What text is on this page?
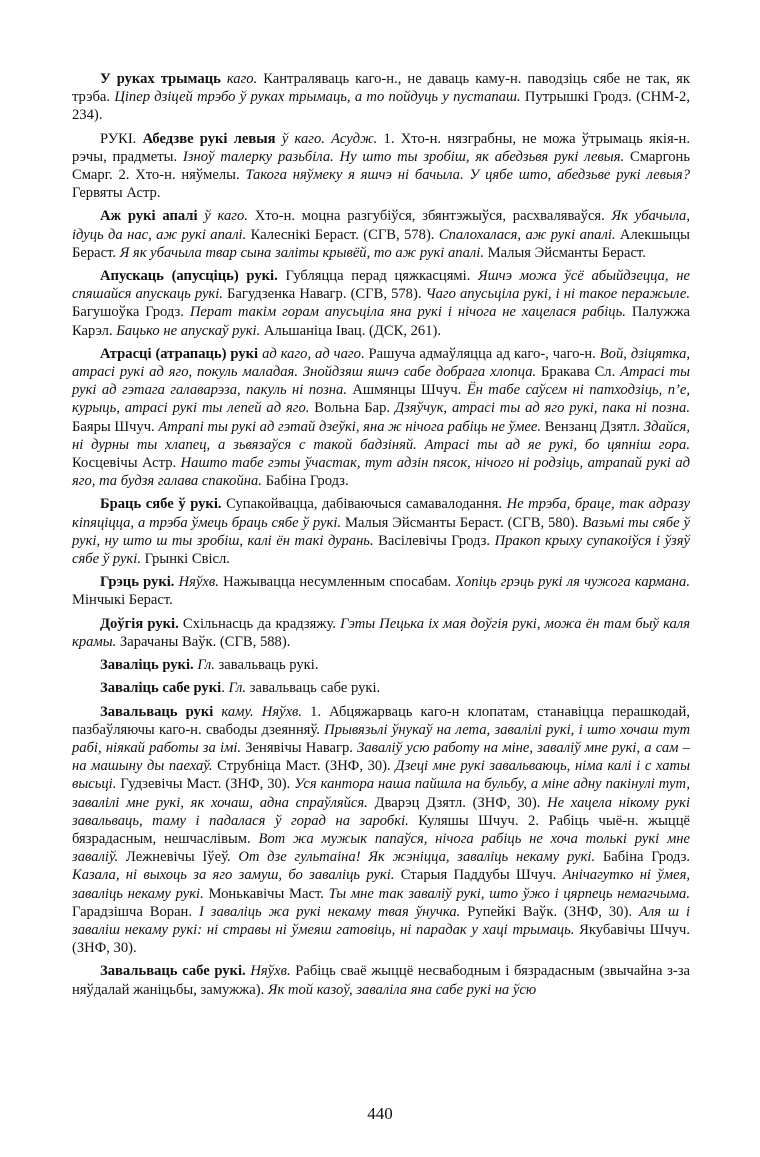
У руках трымаць каго. Кантраляваць каго-н., не даваць каму-н. паводзіць сябе не так, як трэба. Ціпер дзіцей трэбо ў руках трымаць, а то пойдуць у пустапаш. Путрышкі Гродз. (СНМ-2, 234).

РУКІ. Абедзве рукі левыя ў каго. Асудж. 1. Хто-н. нязграбны, не можа ўтрымаць якія-н. рэчы, прадметы. Ізноў талерку разьбіла. Ну што ты зробіш, як абедзьвя рукі левыя. Смаргонь Смарг. 2. Хто-н. няўмелы. Такога няўмеку я яшчэ ні бачыла. У цябе што, абедзьве рукі левыя? Гервяты Астр.

Аж рукі апалі ў каго. Хто-н. моцна разгубіўся, збянтэжыўся, расхваляваўся. Як убачыла, ідуць да нас, аж рукі апалі. Калеснікі Бераст. (СГВ, 578). Спалохалася, аж рукі апалі. Алекшыцы Бераст. Я як убачыла твар сына заліты крывёй, то аж рукі апалі. Малыя Эйсманты Бераст.

Апускаць (апусціць) рукі. Губляцца перад цяжкасцямі. Яшчэ можа ўсё абыйдзецца, не спяшайся апускаць рукі. Багудзенка Навагр. (СГВ, 578). Чаго апусьціла рукі, і ні такое перажыле. Багушоўка Гродз. Перат такім горам апусьціла яна рукі і нічога не хацелася рабіць. Палужжа Карэл. Бацько не апускаў рукі. Альшаніца Івац. (ДСК, 261).

Атрасці (атрапаць) рукі ад каго, ад чаго. Рашуча адмаўляцца ад каго-, чаго-н. Вой, дзіцятка, атрасі рукі ад яго, покуль маладая. Знойдзяш яшчэ сабе добрага хлопца. Бракава Сл. Атрасі ты рукі ад гэтага галаварэза, пакуль ні позна. Ашмянцы Шчуч. Ён табе саўсем ні патходзіць, п’е, курыць, атрасі рукі ты лепей ад яго. Вольна Бар. Дзяўчук, атрасі ты ад яго рукі, пака ні позна. Баяры Шчуч. Атрапі ты рукі ад гэтай дзеўкі, яна ж нічога рабіць не ўмее. Вензанц Дзятл. Здайся, ні дурны ты хлапец, а зьвязаўся с такой бадзіняй. Атрасі ты ад яе рукі, бо цяпніш гора. Косцевічы Астр. Нашто табе гэты ўчастак, тут адзін пясок, нічого ні родзіць, атрапай рукі ад яго, та будзя галава спакойна. Бабіна Гродз.

Браць сябе ў рукі. Супакойвацца, дабіваючыся самавалодання. Не трэба, браце, так адразу кіпяціцца, а трэба ўмець браць сябе ў рукі. Малыя Эйсманты Бераст. (СГВ, 580). Вазьмі ты сябе ў рукі, ну што ш ты зробіш, калі ён такі дурань. Васілевічы Гродз. Пракоп крыху супакоіўся і ўзяў сябе ў рукі. Грынкі Свісл.

Грэць рукі. Няўхв. Нажывацца несумленным спосабам. Хопіць грэць рукі ля чужога кармана. Мінчыкі Бераст.

Доўгія рукі. Схільнасць да крадзяжу. Гэты Пецька іх мая доўгія рукі, можа ён там быў каля крамы. Зарачаны Ваўк. (СГВ, 588).

Заваліць рукі. Гл. завальваць рукі.

Заваліць сабе рукі. Гл. завальваць сабе рукі.

Завальваць рукі каму. Няўхв. 1. Абцяжарваць каго-н клопатам, станавіцца перашкодай, пазбаўляючы каго-н. свабоды дзеянняў. Прывязьлі ўнукаў на лета, завалілі рукі, і што хочаш тут рабі, ніякай работы за імі. Зенявічы Навагр. Заваліў усю работу на міне, заваліў мне рукі, а сам – на машыну ды паехаў. Струбніца Маст. (ЗНФ, 30). Дзеці мне рукі завальваюць, німа калі і с хаты высьці. Гудзевічы Маст. (ЗНФ, 30). Уся кантора наша пайшла на бульбу, а міне адну пакінулі тут, завалілі мне рукі, як хочаш, адна спраўляйся. Дварэц Дзятл. (ЗНФ, 30). Не хацела нікому рукі завальваць, таму і падалася ў горад на заробкі. Куляшы Шчуч. 2. Рабіць чыё-н. жыццё бязрадасным, нешчаслівым. Вот жа мужык папаўся, нічога рабіць не хоча толькі рукі мне заваліў. Лежневічы Іўеў. От дзе гультаіна! Як жэніцца, заваліць некаму рукі. Бабіна Гродз. Казала, ні выхоць за яго замуш, бо заваліць рукі. Старыя Паддубы Шчуч. Анічагутко ні ўмея, заваліць некаму рукі. Монькавічы Маст. Ты мне так заваліў рукі, што ўжо і цярпець немагчыма. Гарадзішча Воран. І заваліць жа рукі некаму твая ўнучка. Рупейкі Ваўк. (ЗНФ, 30). Аля ш і заваліш некаму рукі: ні стравы ні ўмеяш гатовіць, ні парадак у хаці трымаць. Якубавічы Шчуч. (ЗНФ, 30).

Завальваць сабе рукі. Няўхв. Рабіць сваё жыццё несвабодным і бязрадасным (звычайна з-за няўдалай жаніцьбы, замужжа). Як той казоў, заваліла яна сабе рукі на ўсю

440
